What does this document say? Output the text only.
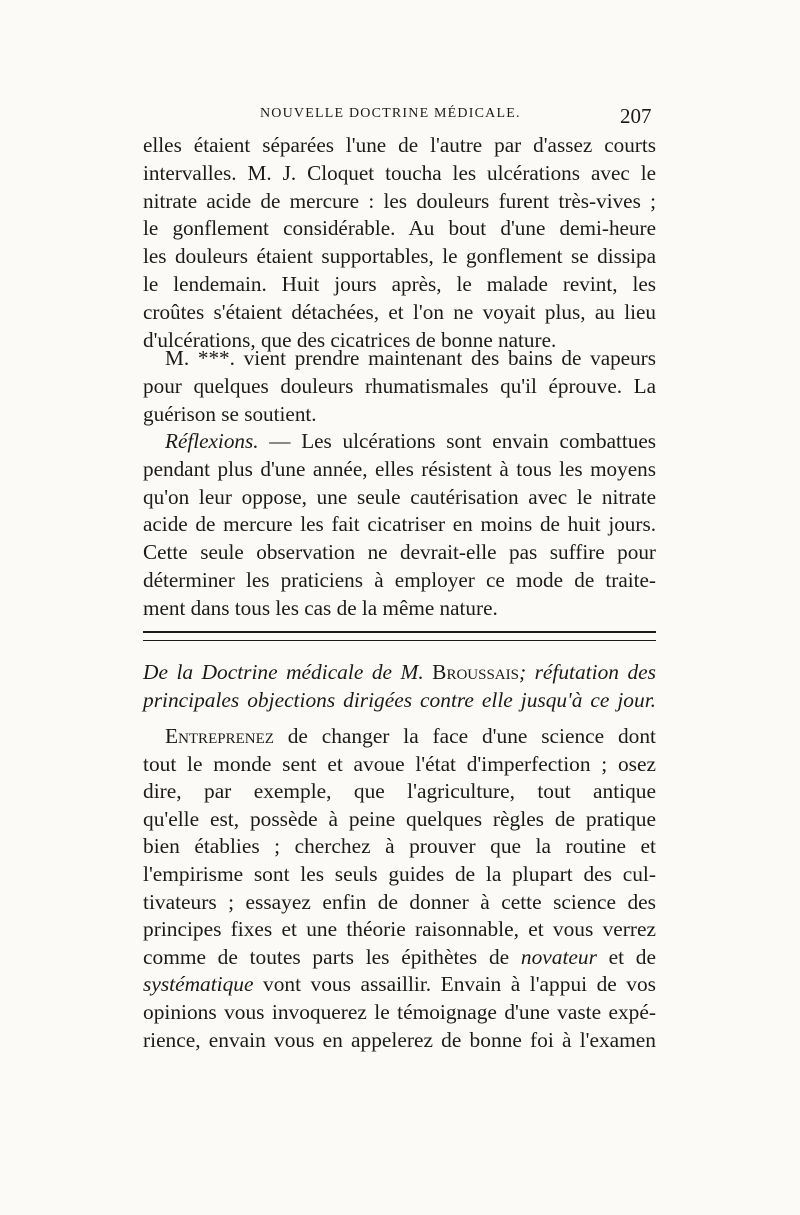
NOUVELLE DOCTRINE MÉDICALE.	207
elles étaient séparées l'une de l'autre par d'assez courts
intervalles. M. J. Cloquet toucha les ulcérations avec le
nitrate acide de mercure : les douleurs furent très-vives ;
le gonflement considérable. Au bout d'une demi-heure
les douleurs étaient supportables, le gonflement se dissipa
le lendemain. Huit jours après, le malade revint, les
croûtes s'étaient détachées, et l'on ne voyait plus, au lieu
d'ulcérations, que des cicatrices de bonne nature.
M. ***. vient prendre maintenant des bains de vapeurs
pour quelques douleurs rhumatismales qu'il éprouve. La
guérison se soutient.
Réflexions. — Les ulcérations sont envain combattues
pendant plus d'une année, elles résistent à tous les moyens
qu'on leur oppose, une seule cautérisation avec le nitrate
acide de mercure les fait cicatriser en moins de huit jours.
Cette seule observation ne devrait-elle pas suffire pour
déterminer les praticiens à employer ce mode de traite-
ment dans tous les cas de la même nature.
De la Doctrine médicale de M. Broussais; réfutation des
principales objections dirigées contre elle jusqu'à ce jour.
Entreprenez de changer la face d'une science dont
tout le monde sent et avoue l'état d'imperfection ; osez
dire, par exemple, que l'agriculture, tout antique
qu'elle est, possède à peine quelques règles de pratique
bien établies ; cherchez à prouver que la routine et
l'empirisme sont les seuls guides de la plupart des cul-
tivateurs ; essayez enfin de donner à cette science des
principes fixes et une théorie raisonnable, et vous verrez
comme de toutes parts les épithètes de novateur et de
systématique vont vous assaillir. Envain à l'appui de vos
opinions vous invoquerez le témoignage d'une vaste expé-
rience, envain vous en appelerez de bonne foi à l'examen
